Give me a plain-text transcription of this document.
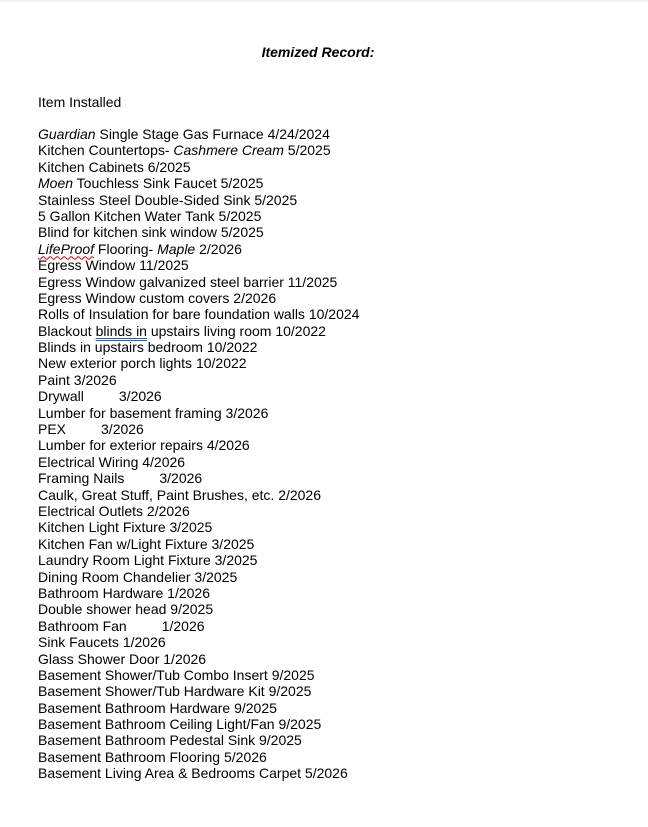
Itemized Record:
Item Installed
Guardian Single Stage Gas Furnace 4/24/2024
Kitchen Countertops- Cashmere Cream 5/2025
Kitchen Cabinets 6/2025
Moen Touchless Sink Faucet 5/2025
Stainless Steel Double-Sided Sink 5/2025
5 Gallon Kitchen Water Tank 5/2025
Blind for kitchen sink window 5/2025
LifeProof Flooring- Maple 2/2026
Egress Window 11/2025
Egress Window galvanized steel barrier 11/2025
Egress Window custom covers 2/2026
Rolls of Insulation for bare foundation walls 10/2024
Blackout blinds in upstairs living room 10/2022
Blinds in upstairs bedroom 10/2022
New exterior porch lights 10/2022
Paint 3/2026
Drywall         3/2026
Lumber for basement framing 3/2026
PEX         3/2026
Lumber for exterior repairs 4/2026
Electrical Wiring 4/2026
Framing Nails         3/2026
Caulk, Great Stuff, Paint Brushes, etc. 2/2026
Electrical Outlets 2/2026
Kitchen Light Fixture 3/2025
Kitchen Fan w/Light Fixture 3/2025
Laundry Room Light Fixture 3/2025
Dining Room Chandelier 3/2025
Bathroom Hardware 1/2026
Double shower head 9/2025
Bathroom Fan         1/2026
Sink Faucets 1/2026
Glass Shower Door 1/2026
Basement Shower/Tub Combo Insert 9/2025
Basement Shower/Tub Hardware Kit 9/2025
Basement Bathroom Hardware 9/2025
Basement Bathroom Ceiling Light/Fan 9/2025
Basement Bathroom Pedestal Sink 9/2025
Basement Bathroom Flooring 5/2026
Basement Living Area & Bedrooms Carpet 5/2026
